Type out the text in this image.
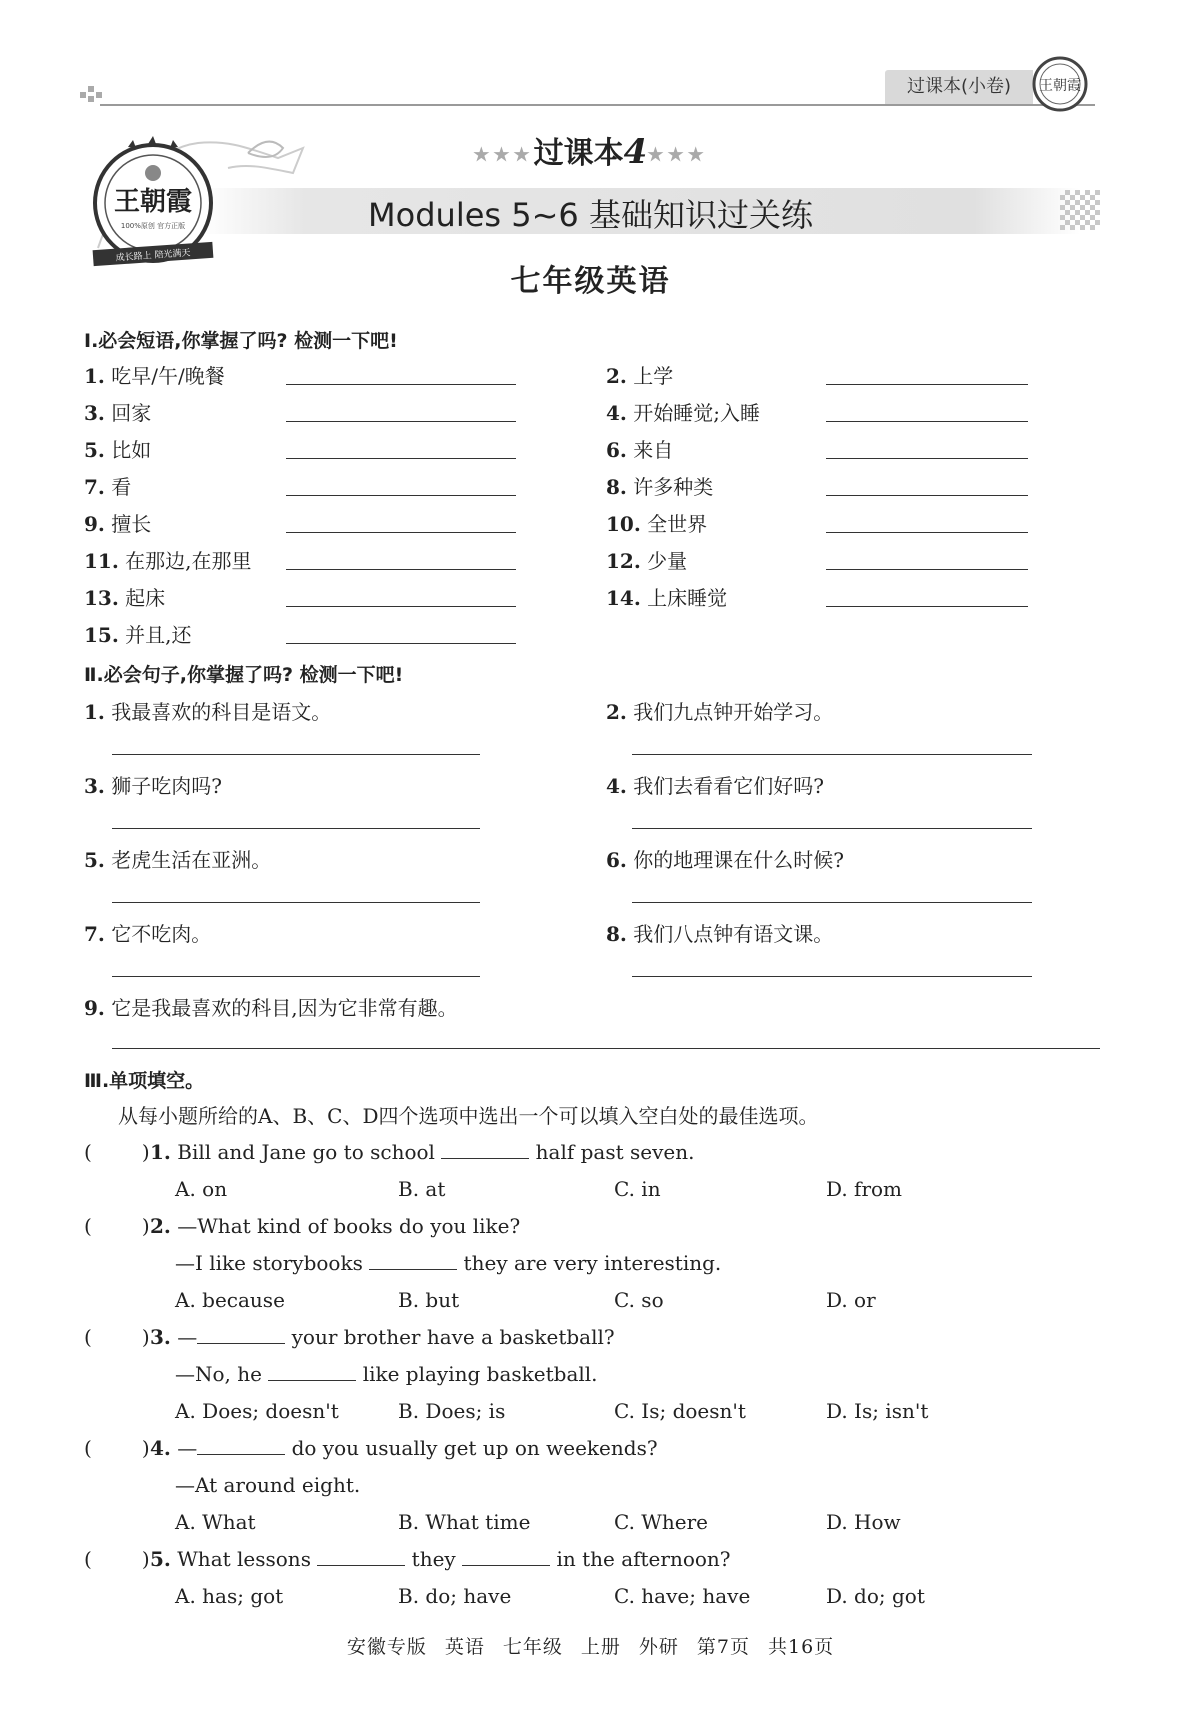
过课本(小卷)	王朝霞
王朝霞
100%原创 官方正版
成长路上 陪光满天
★★★过课本4★★★
Modules 5~6 基础知识过关练
七年级英语
Ⅰ.必会短语,你掌握了吗? 检测一下吧!
1. 吃早/午/晚餐	2. 上学
3. 回家	4. 开始睡觉;入睡
5. 比如	6. 来自
7. 看	8. 许多种类
9. 擅长	10. 全世界
11. 在那边,在那里	12. 少量
13. 起床	14. 上床睡觉
15. 并且,还
Ⅱ.必会句子,你掌握了吗? 检测一下吧!
1. 我最喜欢的科目是语文。	2. 我们九点钟开始学习。
3. 狮子吃肉吗?	4. 我们去看看它们好吗?
5. 老虎生活在亚洲。	6. 你的地理课在什么时候?
7. 它不吃肉。	8. 我们八点钟有语文课。
9. 它是我最喜欢的科目,因为它非常有趣。
Ⅲ.单项填空。
从每小题所给的A、B、C、D四个选项中选出一个可以填入空白处的最佳选项。
(	) 1. Bill and Jane go to school	half past seven.
A. on	B. at	C. in	D. from
(	) 2. —What kind of books do you like?
—I like storybooks	they are very interesting.
A. because	B. but	C. so	D. or
(	) 3. —	your brother have a basketball?
—No, he	like playing basketball.
A. Does; doesn't	B. Does; is	C. Is; doesn't	D. Is; isn't
(	) 4. —	do you usually get up on weekends?
—At around eight.
A. What	B. What time	C. Where	D. How
(	) 5. What lessons	they	in the afternoon?
A. has; got	B. do; have	C. have; have	D. do; got
安徽专版 英语 七年级 上册 外研 第7页 共16页
